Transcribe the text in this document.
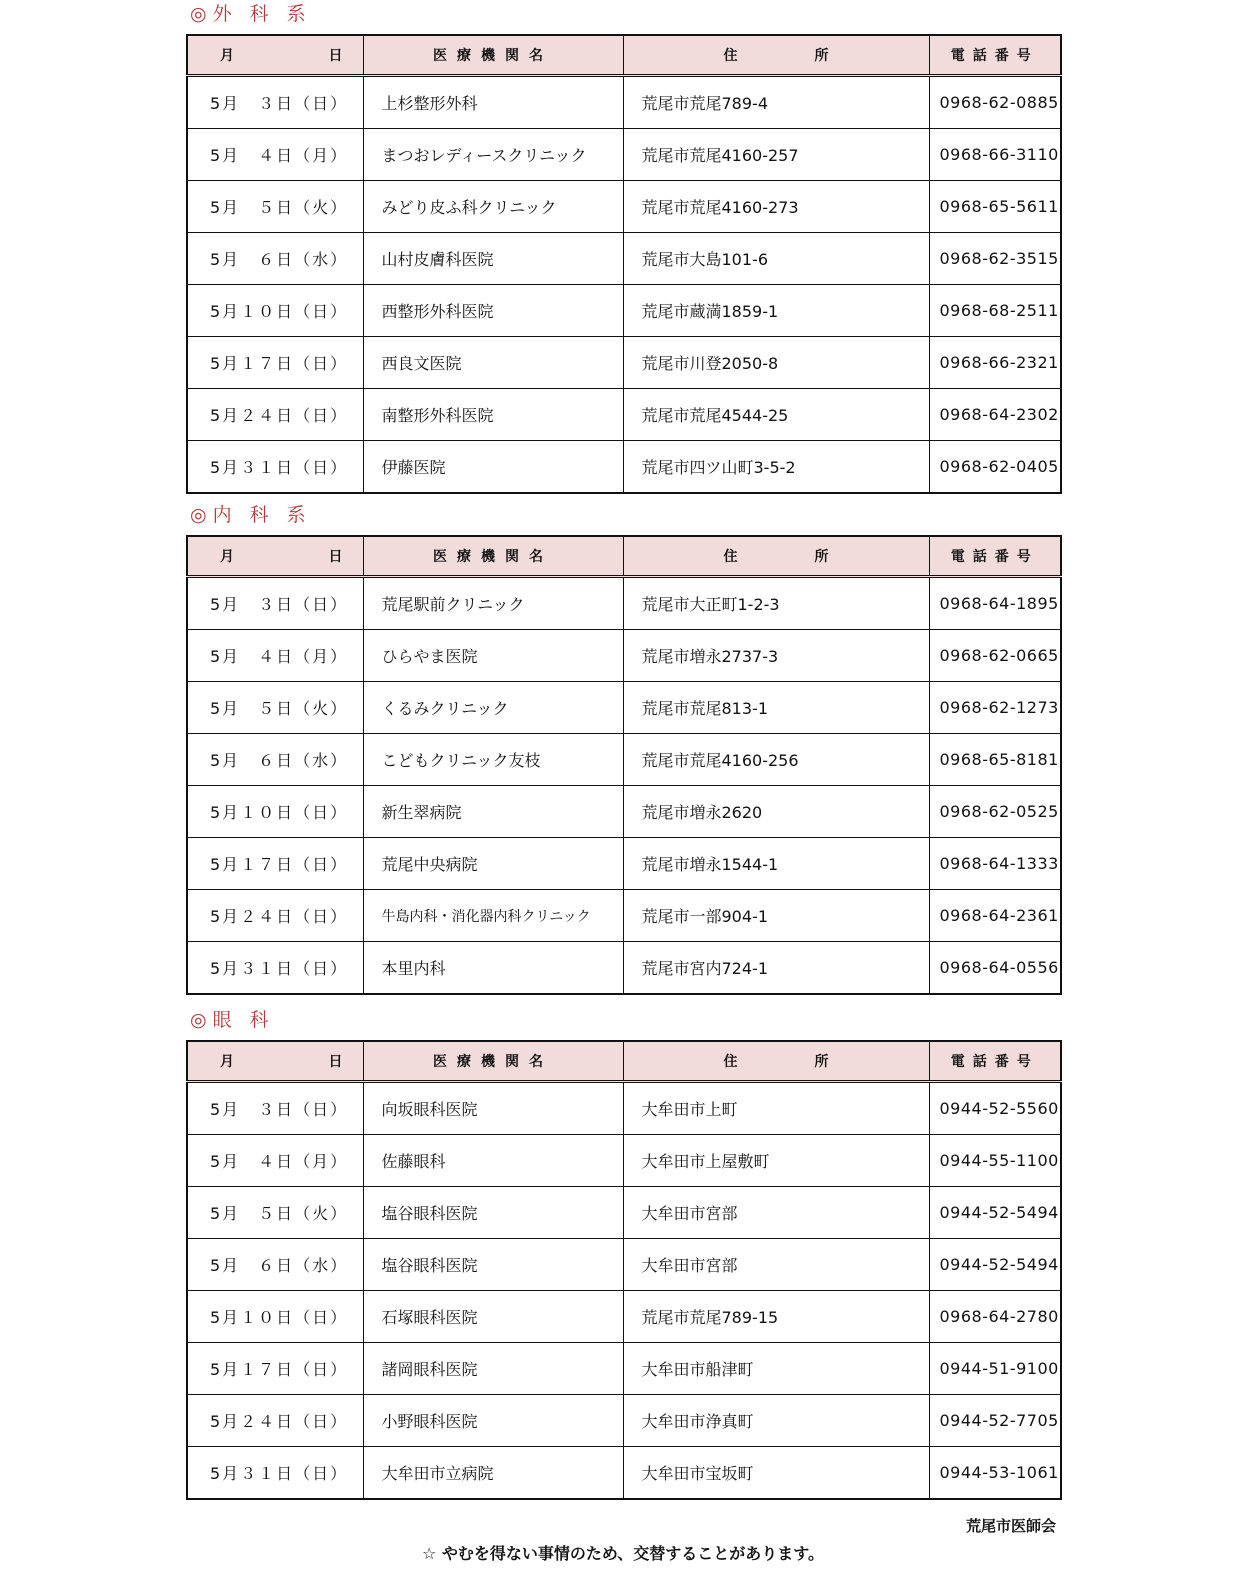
◎外 科 系
月 日	医療機関名	住 所	電話番号
5月　３日（日）	上杉整形外科	荒尾市荒尾789-4	0968-62-0885
5月　４日（月）	まつおレディースクリニック	荒尾市荒尾4160-257	0968-66-3110
5月　５日（火）	みどり皮ふ科クリニック	荒尾市荒尾4160-273	0968-65-5611
5月　６日（水）	山村皮膚科医院	荒尾市大島101-6	0968-62-3515
5月１０日（日）	西整形外科医院	荒尾市蔵満1859-1	0968-68-2511
5月１７日（日）	西良文医院	荒尾市川登2050-8	0968-66-2321
5月２４日（日）	南整形外科医院	荒尾市荒尾4544-25	0968-64-2302
5月３１日（日）	伊藤医院	荒尾市四ツ山町3-5-2	0968-62-0405
◎内 科 系
月 日	医療機関名	住 所	電話番号
5月　３日（日）	荒尾駅前クリニック	荒尾市大正町1-2-3	0968-64-1895
5月　４日（月）	ひらやま医院	荒尾市増永2737-3	0968-62-0665
5月　５日（火）	くるみクリニック	荒尾市荒尾813-1	0968-62-1273
5月　６日（水）	こどもクリニック友枝	荒尾市荒尾4160-256	0968-65-8181
5月１０日（日）	新生翠病院	荒尾市増永2620	0968-62-0525
5月１７日（日）	荒尾中央病院	荒尾市増永1544-1	0968-64-1333
5月２４日（日）	牛島内科・消化器内科クリニック	荒尾市一部904-1	0968-64-2361
5月３１日（日）	本里内科	荒尾市宮内724-1	0968-64-0556
◎眼 科
月 日	医療機関名	住 所	電話番号
5月　３日（日）	向坂眼科医院	大牟田市上町	0944-52-5560
5月　４日（月）	佐藤眼科	大牟田市上屋敷町	0944-55-1100
5月　５日（火）	塩谷眼科医院	大牟田市宮部	0944-52-5494
5月　６日（水）	塩谷眼科医院	大牟田市宮部	0944-52-5494
5月１０日（日）	石塚眼科医院	荒尾市荒尾789-15	0968-64-2780
5月１７日（日）	諸岡眼科医院	大牟田市船津町	0944-51-9100
5月２４日（日）	小野眼科医院	大牟田市浄真町	0944-52-7705
5月３１日（日）	大牟田市立病院	大牟田市宝坂町	0944-53-1061
荒尾市医師会
☆ やむを得ない事情のため、交替することがあります。
